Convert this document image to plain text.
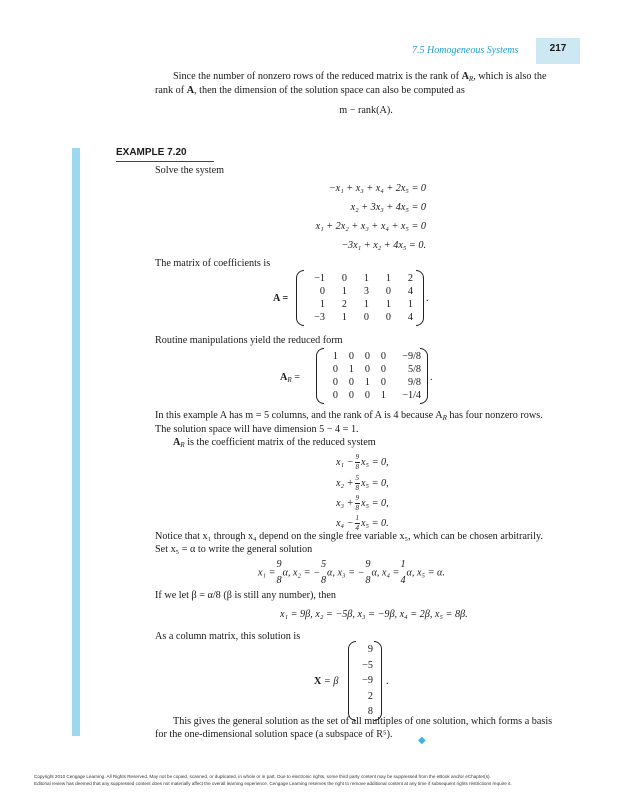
7.5 Homogeneous Systems	217
Since the number of nonzero rows of the reduced matrix is the rank of $A_R$, which is also the
rank of A, then the dimension of the solution space can also be computed as
m − rank(A).
EXAMPLE 7.20
Solve the system
−x₁ + x₃ + x₄ + 2x₅ = 0
x₂ + 3x₃ + 4x₅ = 0
x₁ + 2x₂ + x₃ + x₄ + x₅ = 0
−3x₁ + x₂ + 4x₅ = 0.
The matrix of coefficients is
A =
−1	0	1	1	2
0	1	3	0	4
1	2	1	1	1
−3	1	0	0	4
.
Routine manipulations yield the reduced form
$A_R$ =
1	0	0	0	−9/8
0	1	0	0	5/8
0	0	1	0	9/8
0	0	0	1	−1/4
.
In this example A has m = 5 columns, and the rank of A is 4 because $A_R$ has four nonzero rows.
The solution space will have dimension 5 − 4 = 1.
$A_R$ is the coefficient matrix of the reduced system
$x_1 - \frac{9}{8} x_5 = 0$,
$x_2 + \frac{5}{8} x_5 = 0$,
$x_3 + \frac{9}{8} x_5 = 0$,
$x_4 - \frac{1}{4} x_5 = 0$.
Notice that x₁ through x₄ depend on the single free variable x₅, which can be chosen arbitrarily.
Set x₅ = α to write the general solution
x₁ =
9
8
α, x₂ = −
5
8
α, x₃ = −
9
8
α, x₄ =
1
4
α, x₅ = α.
If we let β = α/8 (β is still any number), then
x₁ = 9β, x₂ = −5β, x₃ = −9β, x₄ = 2β, x₅ = 8β.
As a column matrix, this solution is
X = β
9
−5
−9
2
8
.
This gives the general solution as the set of all multiples of one solution, which forms a basis
for the one-dimensional solution space (a subspace of R⁵).
◆
Copyright 2010 Cengage Learning. All Rights Reserved. May not be copied, scanned, or duplicated, in whole or in part. Due to electronic rights, some third party content may be suppressed from the eBook and/or eChapter(s).
Editorial review has deemed that any suppressed content does not materially affect the overall learning experience. Cengage Learning reserves the right to remove additional content at any time if subsequent rights restrictions require it.
